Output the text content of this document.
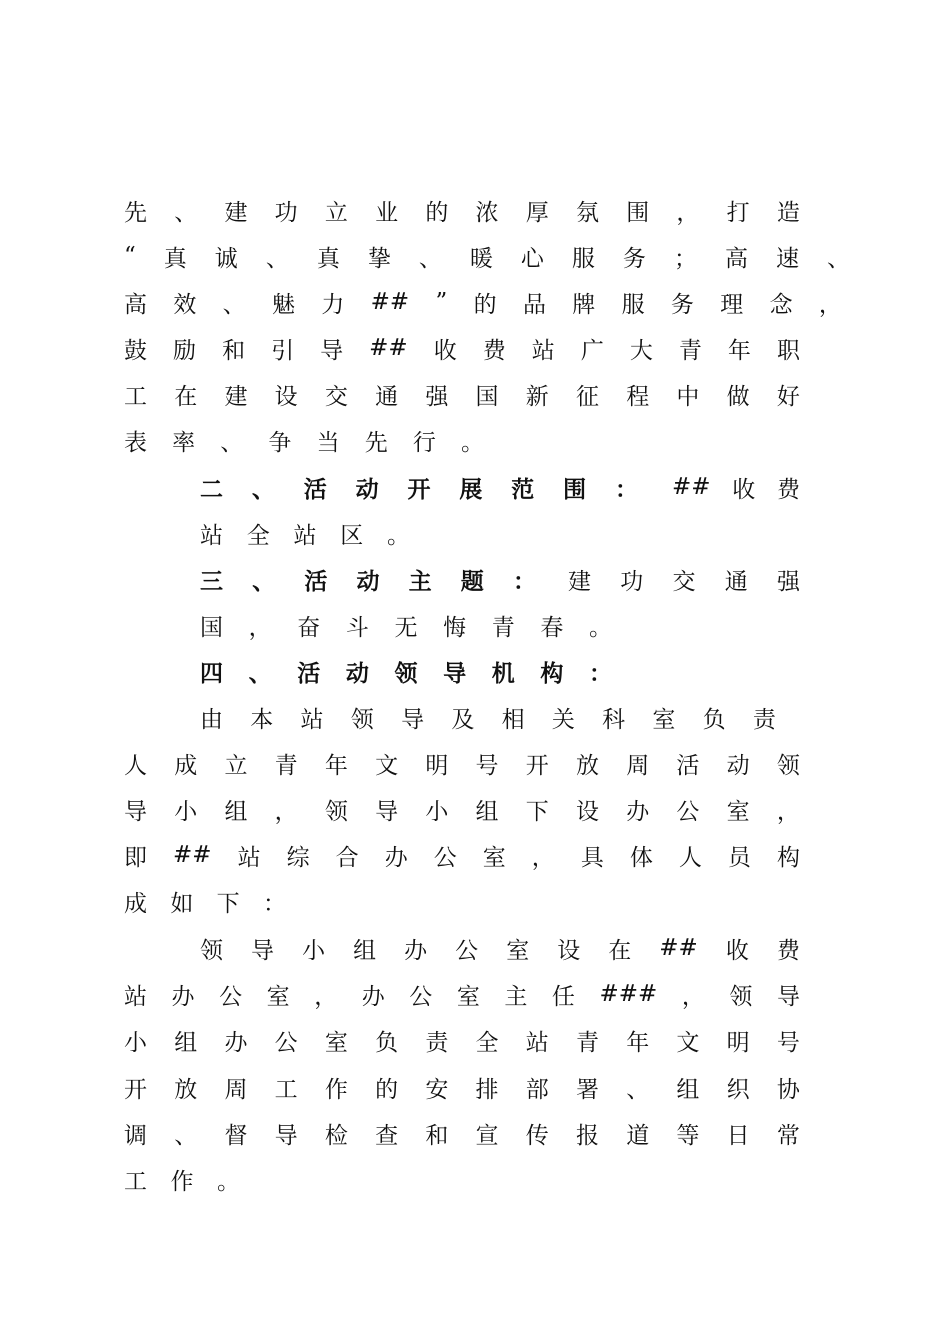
先 、 建 功 立 业 的 浓 厚 氛 围 ， 打 造
“ 真 诚 、 真 挚 、 暖 心 服 务 ； 高 速 、
高 效 、 魅 力 ## ” 的 品 牌 服 务 理 念 ，
鼓 励 和 引 导 ## 收 费 站 广 大 青 年 职
工 在 建 设 交 通 强 国 新 征 程 中 做 好
表 率 、 争 当 先 行 。
二 、 活 动 开 展 范 围 ： ## 收 费
站 全 站 区 。
三 、 活 动 主 题 ： 建 功 交 通 强
国 ， 奋 斗 无 悔 青 春 。
四 、 活 动 领 导 机 构 ：
由 本 站 领 导 及 相 关 科 室 负 责
人 成 立 青 年 文 明 号 开 放 周 活 动 领
导 小 组 ， 领 导 小 组 下 设 办 公 室 ，
即 ## 站 综 合 办 公 室 ， 具 体 人 员 构
成 如 下 ：
领 导 小 组 办 公 室 设 在 ## 收 费
站 办 公 室 ， 办 公 室 主 任 ### ， 领 导
小 组 办 公 室 负 责 全 站 青 年 文 明 号
开 放 周 工 作 的 安 排 部 署 、 组 织 协
调 、 督 导 检 查 和 宣 传 报 道 等 日 常
工 作 。
